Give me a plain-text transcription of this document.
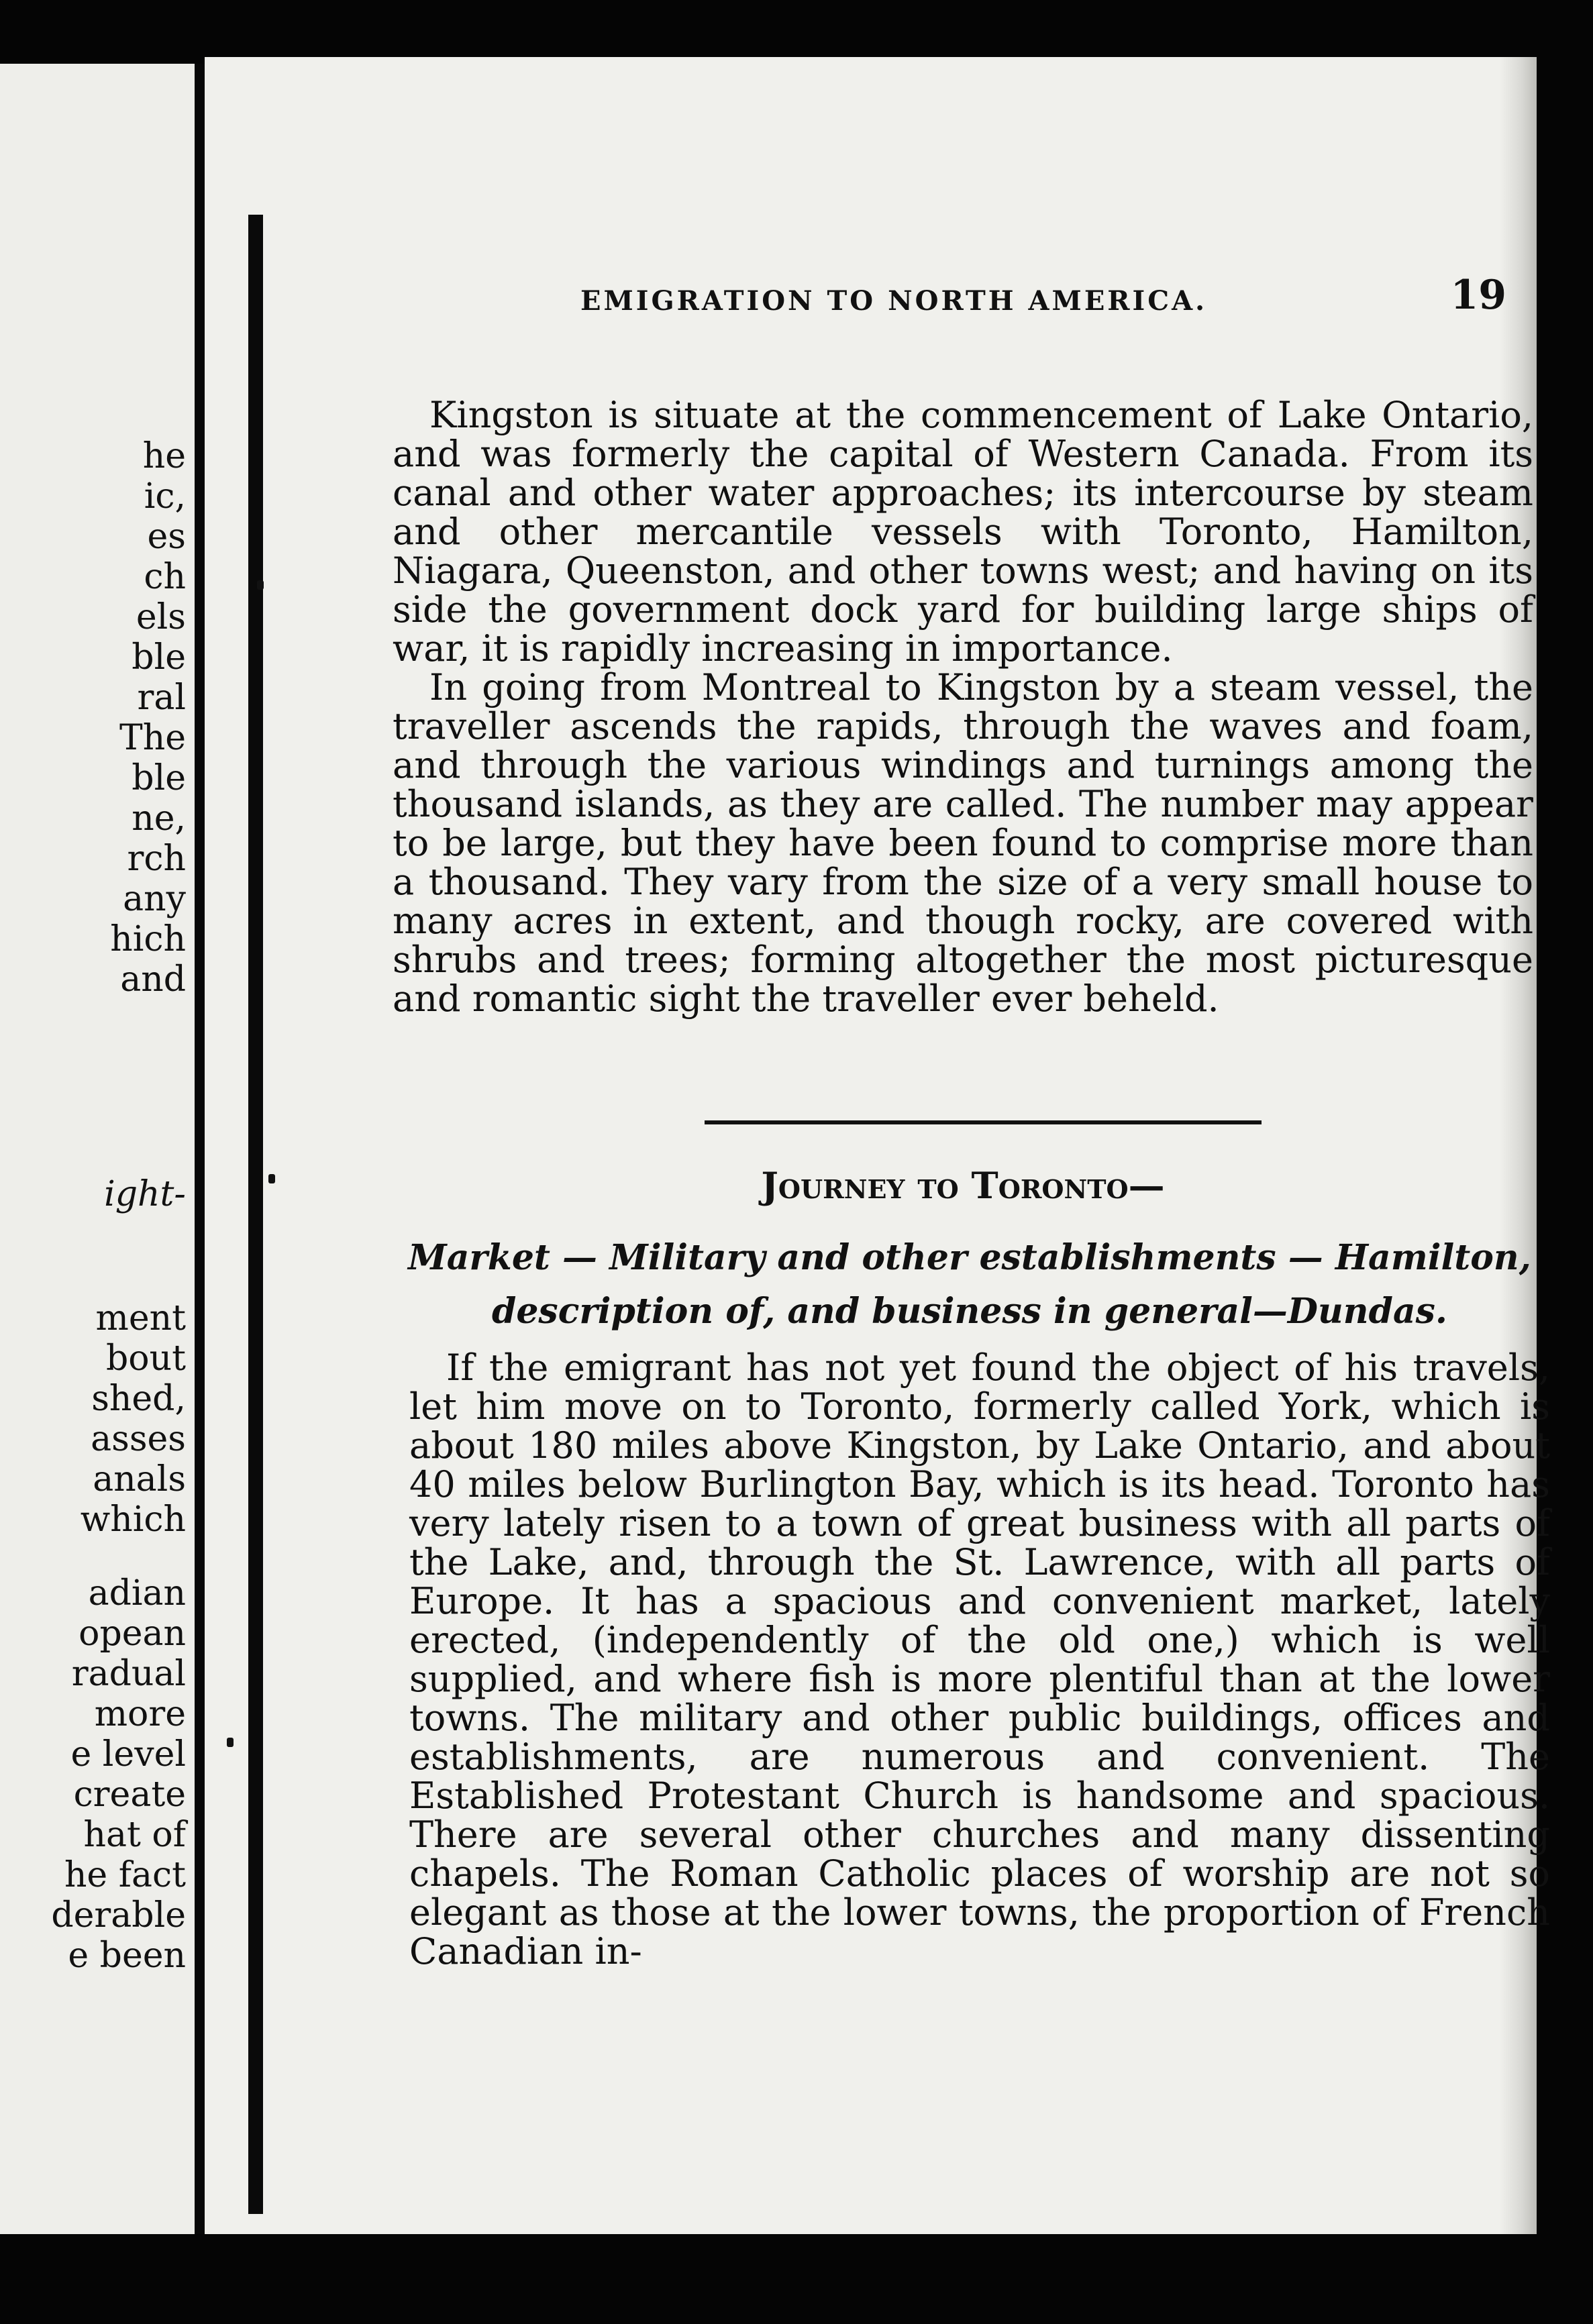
he
ic,
es
ch
els
ble
ral
The
ble
ne,
rch
any
hich
and
ight-
ment
bout
shed,
asses
anals
which
adian
opean
radual
more
e level
create
hat of
he fact
derable
e been
EMIGRATION TO NORTH AMERICA.	19

Kingston is situate at the commencement of Lake Ontario, and was formerly the capital of Western Canada. From its canal and other water approaches; its intercourse by steam and other mercantile vessels with Toronto, Hamilton, Niagara, Queenston, and other towns west; and having on its side the government dock yard for building large ships of war, it is rapidly increasing in importance.

In going from Montreal to Kingston by a steam vessel, the traveller ascends the rapids, through the waves and foam, and through the various windings and turnings among the thousand islands, as they are called. The number may appear to be large, but they have been found to comprise more than a thousand. They vary from the size of a very small house to many acres in extent, and though rocky, are covered with shrubs and trees; forming altogether the most picturesque and romantic sight the traveller ever beheld.

Journey to Toronto—
Market — Military and other establishments — Hamilton,
description of, and business in general—Dundas.

If the emigrant has not yet found the object of his travels, let him move on to Toronto, formerly called York, which is about 180 miles above Kingston, by Lake Ontario, and about 40 miles below Burlington Bay, which is its head. Toronto has very lately risen to a town of great business with all parts of the Lake, and, through the St. Lawrence, with all parts of Europe. It has a spacious and convenient market, lately erected, (independently of the old one,) which is well supplied, and where fish is more plentiful than at the lower towns. The military and other public buildings, offices and establishments, are numerous and convenient. The Established Protestant Church is handsome and spacious. There are several other churches and many dissenting chapels. The Roman Catholic places of worship are not so elegant as those at the lower towns, the proportion of French Canadian in-
